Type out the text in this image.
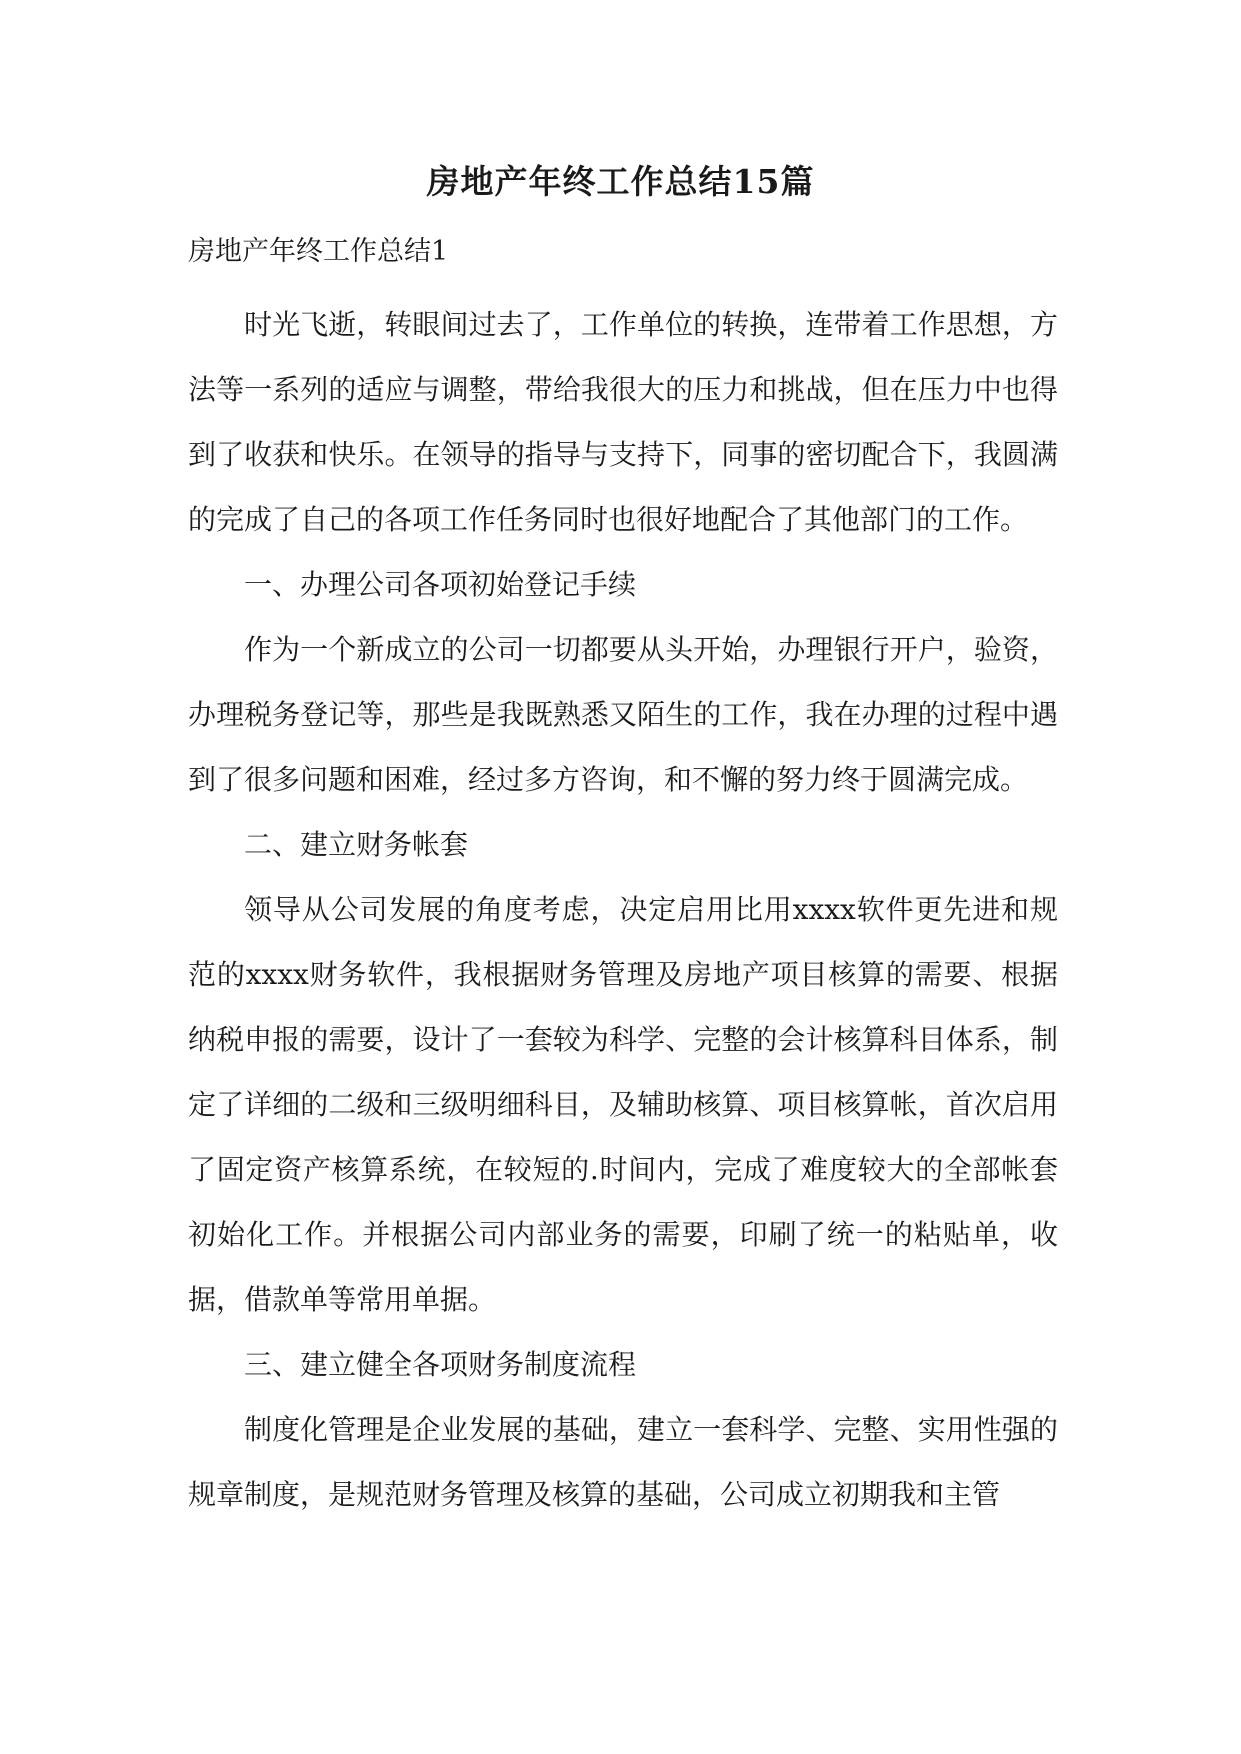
房地产年终工作总结15篇
房地产年终工作总结1

时光飞逝，转眼间过去了，工作单位的转换，连带着工作思想，方法等一系列的适应与调整，带给我很大的压力和挑战，但在压力中也得到了收获和快乐。在领导的指导与支持下，同事的密切配合下，我圆满的完成了自己的各项工作任务同时也很好地配合了其他部门的工作。

一、办理公司各项初始登记手续

作为一个新成立的公司一切都要从头开始，办理银行开户，验资，办理税务登记等，那些是我既熟悉又陌生的工作，我在办理的过程中遇到了很多问题和困难，经过多方咨询，和不懈的努力终于圆满完成。

二、建立财务帐套

领导从公司发展的角度考虑，决定启用比用xxxx软件更先进和规范的xxxx财务软件，我根据财务管理及房地产项目核算的需要、根据纳税申报的需要，设计了一套较为科学、完整的会计核算科目体系，制定了详细的二级和三级明细科目，及辅助核算、项目核算帐，首次启用了固定资产核算系统，在较短的.时间内，完成了难度较大的全部帐套初始化工作。并根据公司内部业务的需要，印刷了统一的粘贴单，收据，借款单等常用单据。

三、建立健全各项财务制度流程

制度化管理是企业发展的基础，建立一套科学、完整、实用性强的规章制度，是规范财务管理及核算的基础，公司成立初期我和主管
